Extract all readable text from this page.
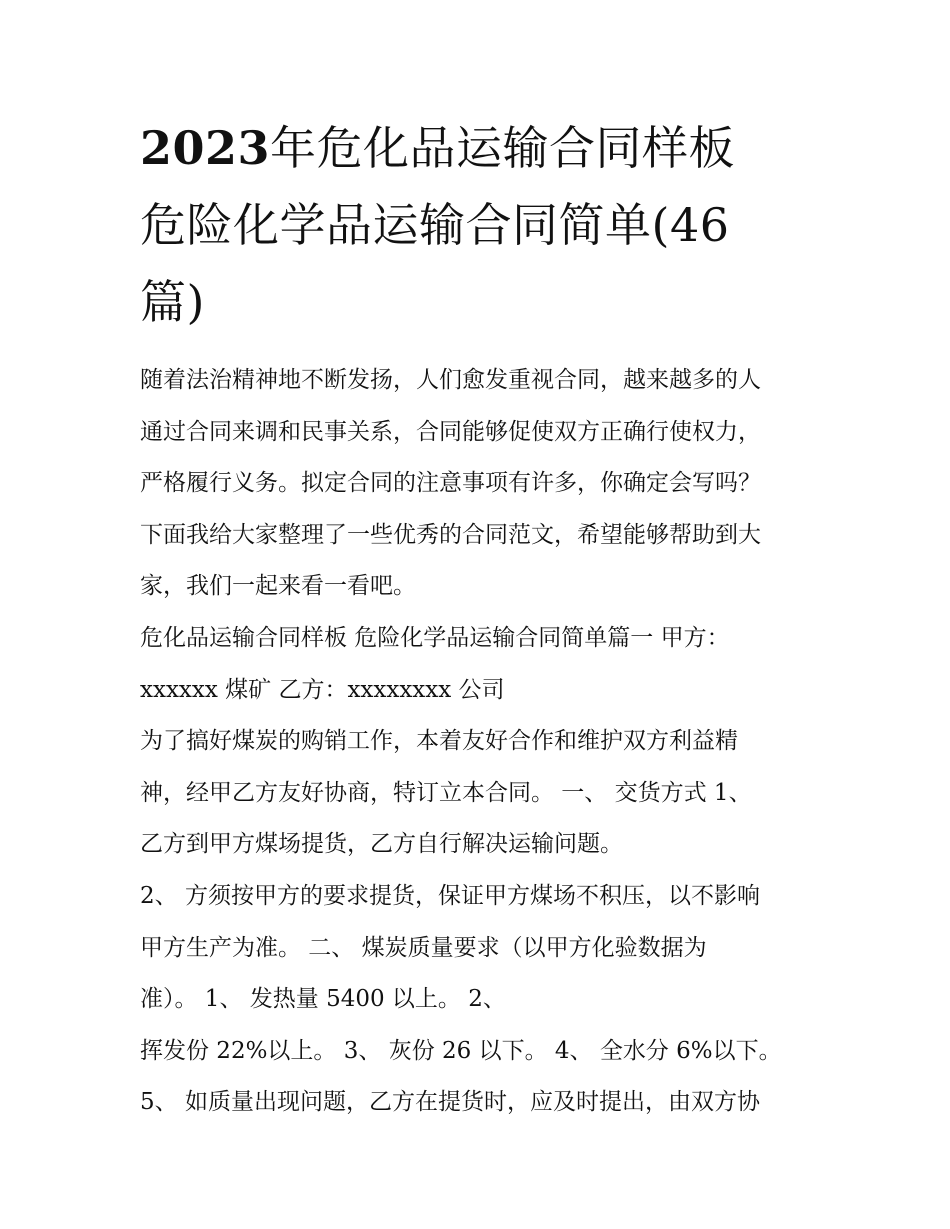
2023年危化品运输合同样板
危险化学品运输合同简单(46
篇)
随着法治精神地不断发扬，人们愈发重视合同，越来越多的人
通过合同来调和民事关系，合同能够促使双方正确行使权力，
严格履行义务。拟定合同的注意事项有许多，你确定会写吗？
下面我给大家整理了一些优秀的合同范文，希望能够帮助到大
家，我们一起来看一看吧。
危化品运输合同样板 危险化学品运输合同简单篇一 甲方：
xxxxxx 煤矿 乙方：xxxxxxxx 公司
为了搞好煤炭的购销工作，本着友好合作和维护双方利益精
神，经甲乙方友好协商，特订立本合同。 一、 交货方式 1、
乙方到甲方煤场提货，乙方自行解决运输问题。
2、 方须按甲方的要求提货，保证甲方煤场不积压，以不影响
甲方生产为准。 二、 煤炭质量要求（以甲方化验数据为
准）。 1、 发热量 5400 以上。 2、
挥发份 22%以上。 3、 灰份 26 以下。 4、 全水分 6%以下。
5、 如质量出现问题，乙方在提货时，应及时提出，由双方协
